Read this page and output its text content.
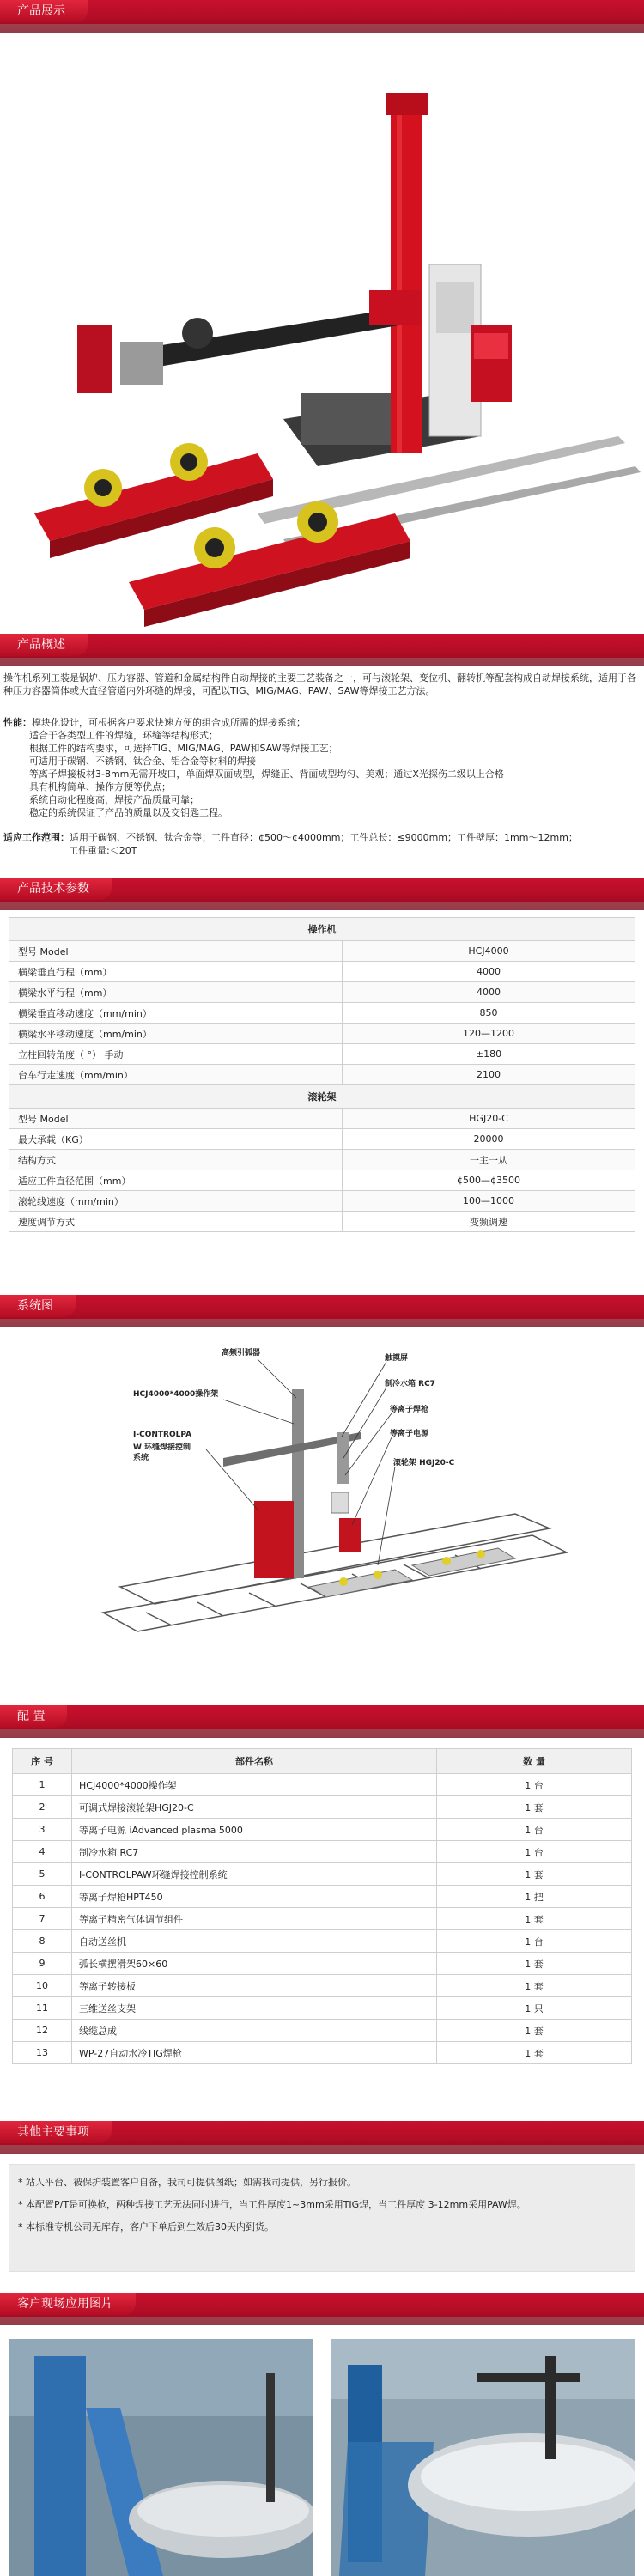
产品展示
产品概述
操作机系列工装是锅炉、压力容器、管道和金属结构件自动焊接的主要工艺装备之一，可与滚轮架、变位机、翻转机等配套构成自动焊接系统，适用于各种压力容器筒体或大直径管道内外环缝的焊接，可配以TIG、MIG/MAG、PAW、SAW等焊接工艺方法。
性能：模块化设计，可根据客户要求快速方便的组合成所需的焊接系统；
适合于各类型工件的焊缝，环缝等结构形式；
根据工件的结构要求，可选择TIG、MIG/MAG、PAW和SAW等焊接工艺；
可适用于碳钢、不锈钢、钛合金、铝合金等材料的焊接
等离子焊接板材3-8mm无需开坡口，单面焊双面成型，焊缝正、背面成型均匀、美观；通过X光探伤二级以上合格
具有机构简单、操作方便等优点；
系统自动化程度高，焊接产品质量可靠；
稳定的系统保证了产品的质量以及交钥匙工程。
适应工作范围：适用于碳钢、不锈钢、钛合金等；工件直径：¢500～¢4000mm；工件总长：≤9000mm；工件壁厚：1mm～12mm；
工件重量:＜20T
产品技术参数
操作机	
型号 Model	HCJ4000
横梁垂直行程（mm）	4000
横梁水平行程（mm）	4000
横梁垂直移动速度（mm/min）	850
横梁水平移动速度（mm/min）	120—1200
立柱回转角度（ °） 手动	±180
台车行走速度（mm/min）	2100
滚轮架	
型号 Model	HGJ20-C
最大承载（KG）	20000
结构方式	一主一从
适应工件直径范围（mm）	¢500—¢3500
滚轮线速度（mm/min）	100—1000
速度调节方式	变频调速
系统图
高频引弧器
HCJ4000*4000操作架
I-CONTROLPA
W 环缝焊接控制
系统
触摸屏
制冷水箱 RC7
等离子焊枪
等离子电源
滚轮架 HGJ20-C
配 置
序 号	部件名称	数 量
1	HCJ4000*4000操作架	1 台
2	可调式焊接滚轮架HGJ20-C	1 套
3	等离子电源 iAdvanced plasma 5000	1 台
4	制冷水箱 RC7	1 台
5	I-CONTROLPAW环缝焊接控制系统	1 套
6	等离子焊枪HPT450	1 把
7	等离子精密气体调节组件	1 套
8	自动送丝机	1 台
9	弧长横摆滑架60×60	1 套
10	等离子转接板	1 套
11	三维送丝支架	1 只
12	线缆总成	1 套
13	WP-27自动水冷TIG焊枪	1 套
其他主要事项
* 站人平台、被保护装置客户自备，我司可提供图纸；如需我司提供，另行报价。
* 本配置P/T是可换枪，两种焊接工艺无法同时进行，当工件厚度1~3mm采用TIG焊，当工件厚度 3-12mm采用PAW焊。
* 本标准专机公司无库存，客户下单后到生效后30天内到货。
客户现场应用图片
